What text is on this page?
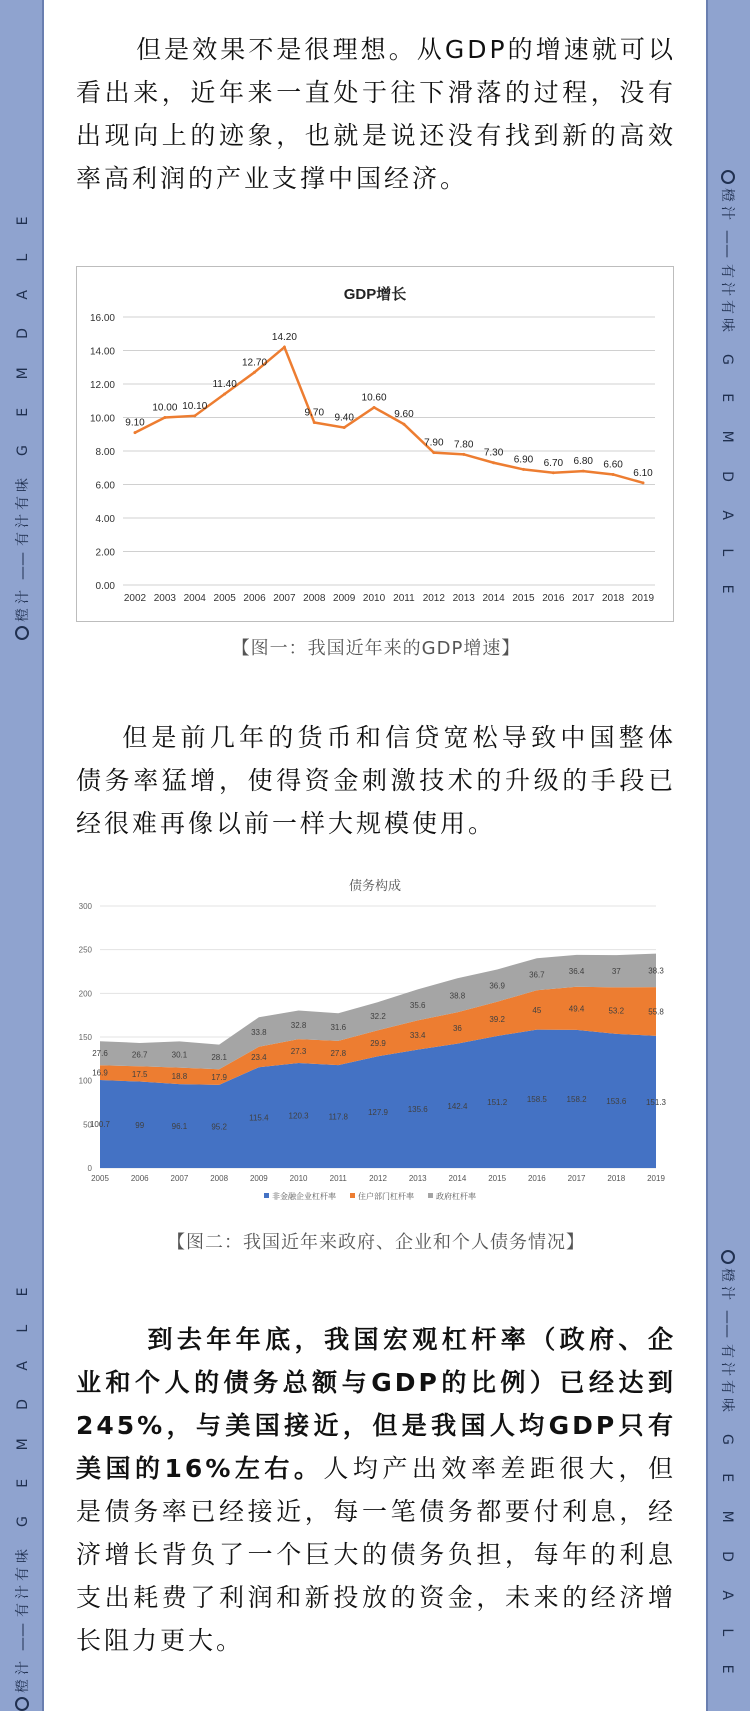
橙汁——有汁有味G E M D A L E
橙汁——有汁有味G E M D A L E
橙汁——有汁有味G E M D A L E
橙汁——有汁有味G E M D A L E

但是效果不是很理想。从GDP的增速就可以看出来，近年来一直处于往下滑落的过程，没有出现向上的迹象，也就是说还没有找到新的高效率高利润的产业支撑中国经济。

GDP增长
0.00
2.00
4.00
6.00
8.00
10.00
12.00
14.00
16.00
2002 2003 2004 2005 2006 2007 2008 2009 2010 2011 2012 2013 2014 2015 2016 2017 2018 2019
9.10
10.00 10.10
11.40
12.70
14.20
9.70 9.40
10.60
9.60
7.90 7.80
7.30
6.90 6.70 6.80 6.60
6.10
【图一：我国近年来的GDP增速】

但是前几年的货币和信贷宽松导致中国整体债务率猛增，使得资金刺激技术的升级的手段已经很难再像以前一样大规模使用。

债务构成
0
50
100
150
200
250
300
100.7	99	96.1	95.2
115.4 120.3 117.8 127.9 135.6 142.4 151.2 158.5 158.2 153.6 151.3
16.9	17.5	18.8	17.9
23.4
27.3	27.8
29.9
33.4
36
39.2
45	49.4	53.2	55.8
27.6	26.7	30.1	28.1
33.8
32.8	31.6
32.2
35.6
38.8
36.9
36.7	36.4	37	38.3
2005	2006	2007	2008	2009	2010	2011	2012	2013	2014	2015	2016	2017	2018	2019
非金融企业杠杆率	住户部门杠杆率	政府杠杆率
【图二：我国近年来政府、企业和个人债务情况】

到去年年底，我国宏观杠杆率（政府、企业和个人的债务总额与GDP的比例）已经达到245%，与美国接近，但是我国人均GDP只有美国的16%左右。人均产出效率差距很大，但是债务率已经接近，每一笔债务都要付利息，经济增长背负了一个巨大的债务负担，每年的利息支出耗费了利润和新投放的资金，未来的经济增长阻力更大。
